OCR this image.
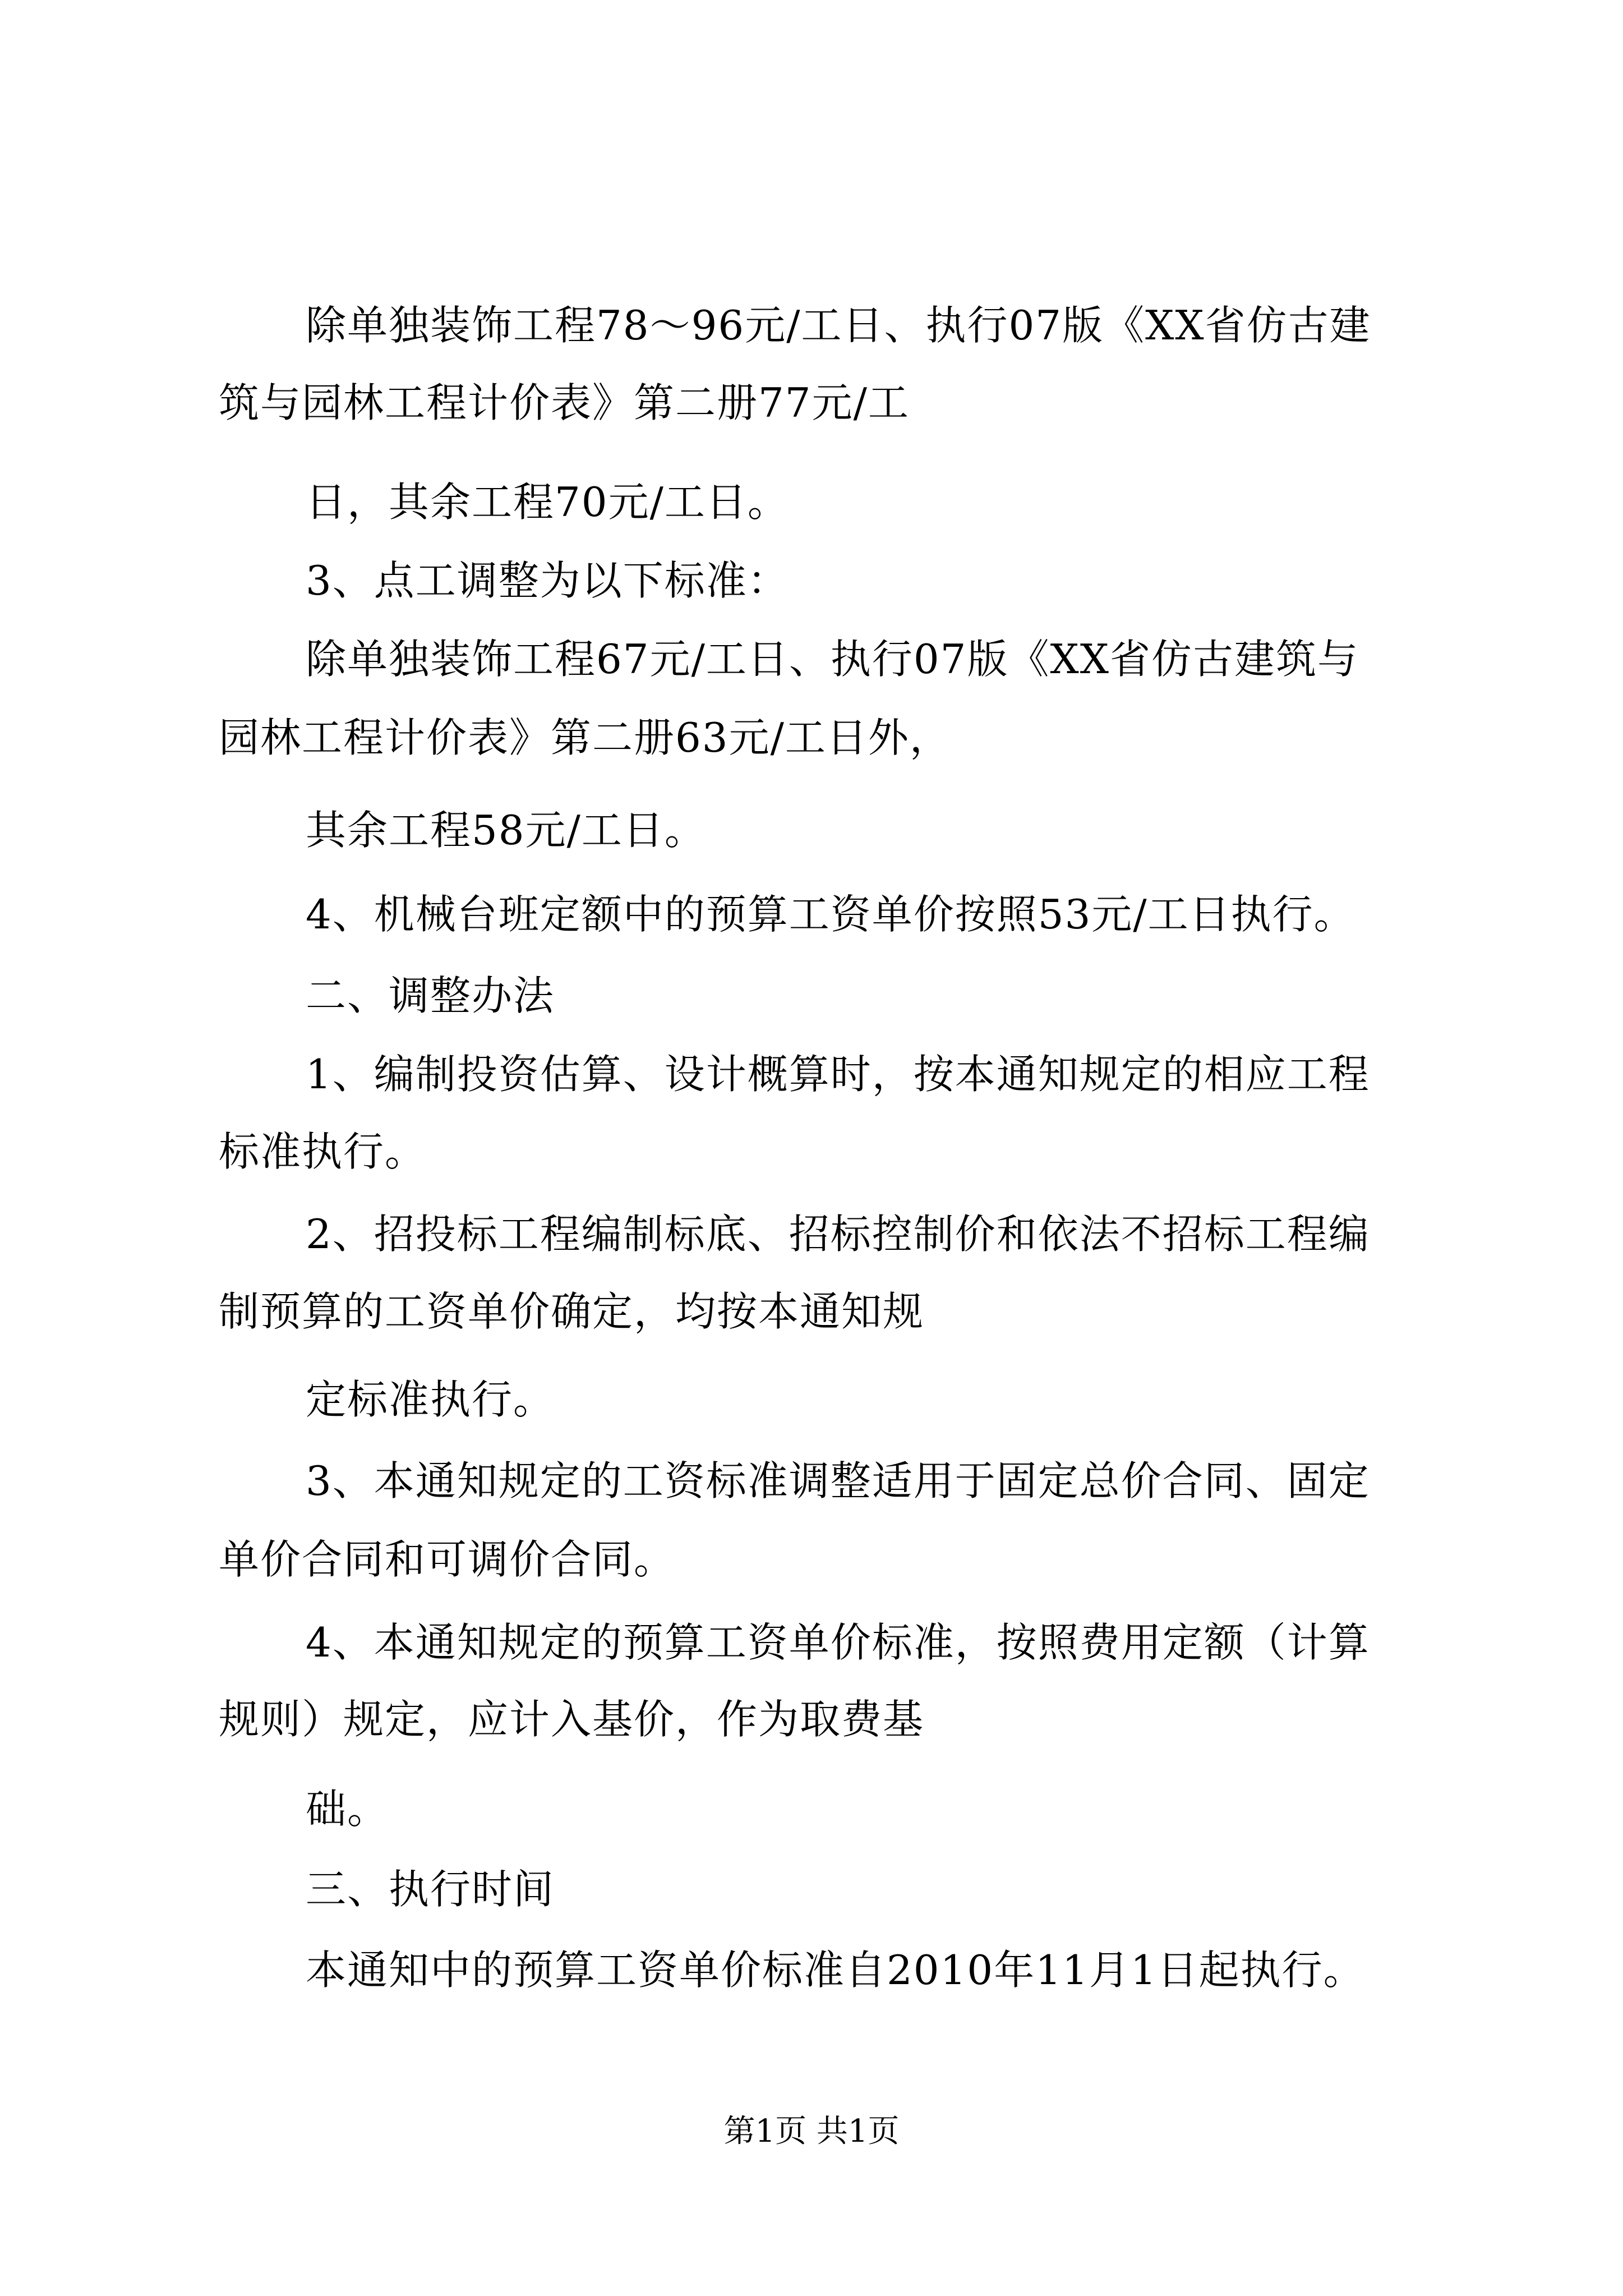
除单独装饰工程78～96元/工日、执行07版《XX省仿古建
筑与园林工程计价表》第二册77元/工
日，其余工程70元/工日。
3、点工调整为以下标准：
除单独装饰工程67元/工日、执行07版《XX省仿古建筑与
园林工程计价表》第二册63元/工日外，
其余工程58元/工日。
4、机械台班定额中的预算工资单价按照53元/工日执行。
二、调整办法
1、编制投资估算、设计概算时，按本通知规定的相应工程
标准执行。
2、招投标工程编制标底、招标控制价和依法不招标工程编
制预算的工资单价确定，均按本通知规
定标准执行。
3、本通知规定的工资标准调整适用于固定总价合同、固定
单价合同和可调价合同。
4、本通知规定的预算工资单价标准，按照费用定额（计算
规则）规定，应计入基价，作为取费基
础。
三、执行时间
本通知中的预算工资单价标准自2010年11月1日起执行。
第1页 共1页
